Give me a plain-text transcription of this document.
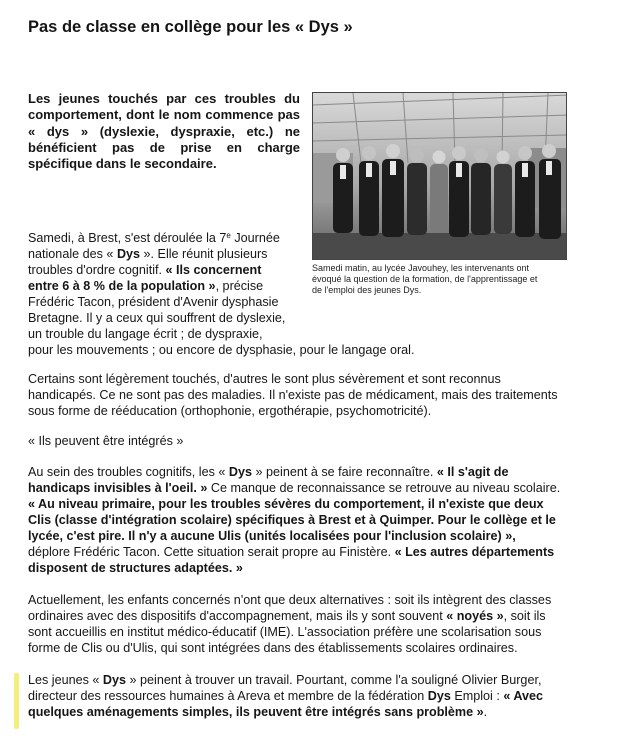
Pas de classe en collège pour les « Dys »

Les jeunes touchés par ces troubles du comportement, dont le nom commence pas « dys » (dyslexie, dyspraxie, etc.) ne bénéficient pas de prise en charge spécifique dans le secondaire.

Samedi matin, au lycée Javouhey, les intervenants ont
évoqué la question de la formation, de l'apprentissage et
de l'emploi des jeunes Dys.
Samedi, à Brest, s'est déroulée la 7e Journée
nationale des « Dys ». Elle réunit plusieurs
troubles d'ordre cognitif. « Ils concernent
entre 6 à 8 % de la population », précise
Frédéric Tacon, président d'Avenir dysphasie
Bretagne. Il y a ceux qui souffrent de dyslexie,
un trouble du langage écrit ; de dyspraxie,
pour les mouvements ; ou encore de dysphasie, pour le langage oral.
Certains sont légèrement touchés, d'autres le sont plus sévèrement et sont reconnus
handicapés. Ce ne sont pas des maladies. Il n'existe pas de médicament, mais des traitements
sous forme de rééducation (orthophonie, ergothérapie, psychomotricité).
« Ils peuvent être intégrés »
Au sein des troubles cognitifs, les « Dys » peinent à se faire reconnaître. « Il s'agit de
handicaps invisibles à l'oeil. » Ce manque de reconnaissance se retrouve au niveau scolaire.
« Au niveau primaire, pour les troubles sévères du comportement, il n'existe que deux
Clis (classe d'intégration scolaire) spécifiques à Brest et à Quimper. Pour le collège et le
lycée, c'est pire. Il n'y a aucune Ulis (unités localisées pour l'inclusion scolaire) »,
déplore Frédéric Tacon. Cette situation serait propre au Finistère. « Les autres départements
disposent de structures adaptées. »
Actuellement, les enfants concernés n'ont que deux alternatives : soit ils intègrent des classes
ordinaires avec des dispositifs d'accompagnement, mais ils y sont souvent « noyés », soit ils
sont accueillis en institut médico-éducatif (IME). L'association préfère une scolarisation sous
forme de Clis ou d'Ulis, qui sont intégrées dans des établissements scolaires ordinaires.
Les jeunes « Dys » peinent à trouver un travail. Pourtant, comme l'a souligné Olivier Burger,
directeur des ressources humaines à Areva et membre de la fédération Dys Emploi : « Avec
quelques aménagements simples, ils peuvent être intégrés sans problème ».
